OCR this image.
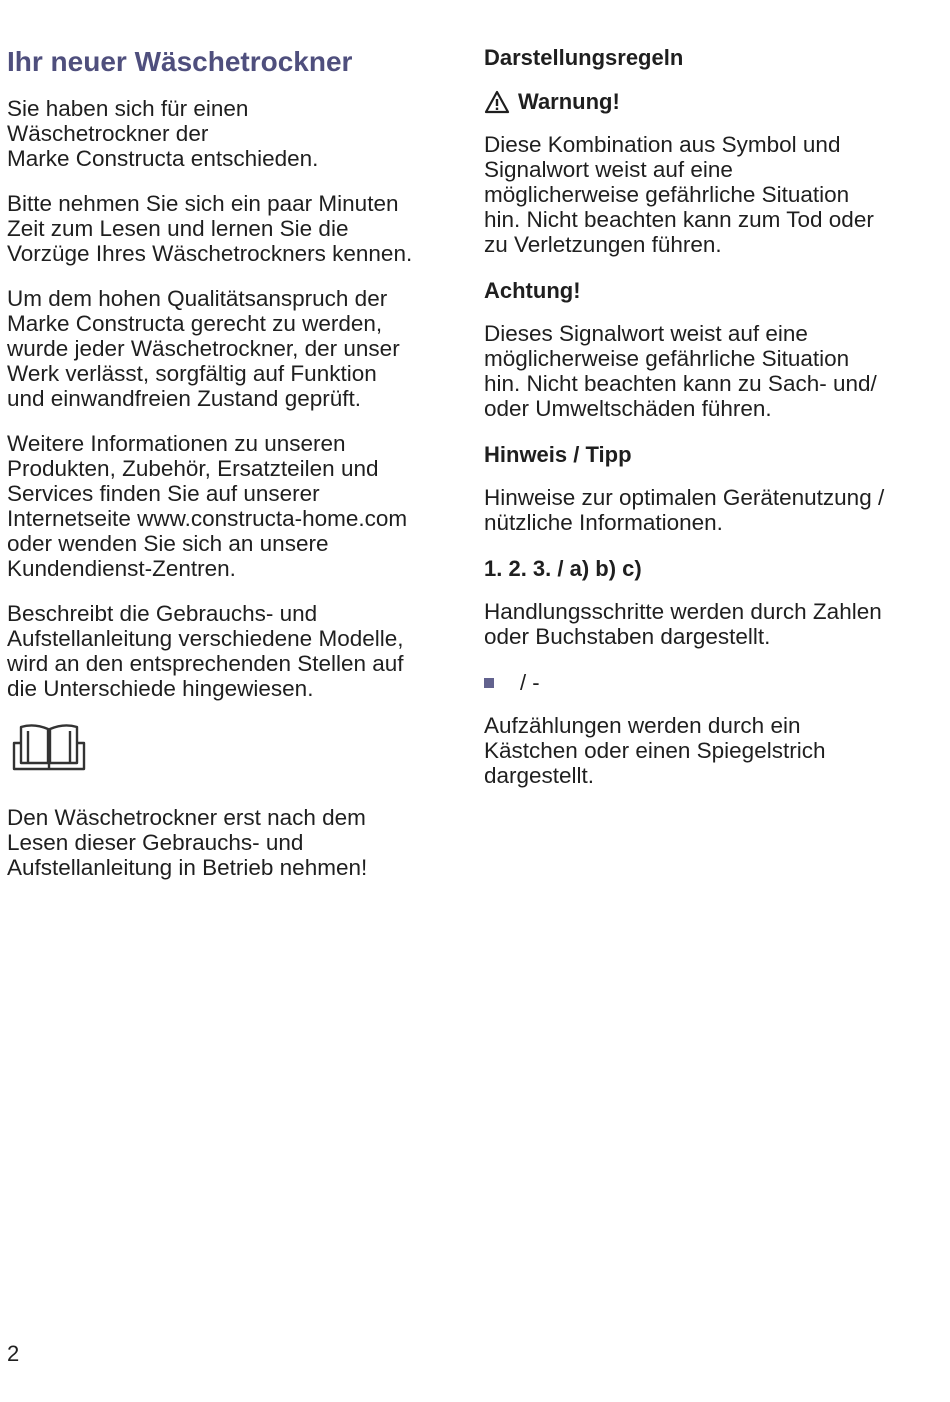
Ihr neuer Wäschetrockner

Sie haben sich für einen
Wäschetrockner der
Marke Constructa entschieden.

Bitte nehmen Sie sich ein paar Minuten
Zeit zum Lesen und lernen Sie die
Vorzüge Ihres Wäschetrockners kennen.

Um dem hohen Qualitätsanspruch der
Marke Constructa gerecht zu werden,
wurde jeder Wäschetrockner, der unser
Werk verlässt, sorgfältig auf Funktion
und einwandfreien Zustand geprüft.

Weitere Informationen zu unseren
Produkten, Zubehör, Ersatzteilen und
Services finden Sie auf unserer
Internetseite www.constructa-home.com
oder wenden Sie sich an unsere
Kundendienst-Zentren.

Beschreibt die Gebrauchs- und
Aufstellanleitung verschiedene Modelle,
wird an den entsprechenden Stellen auf
die Unterschiede hingewiesen.

Den Wäschetrockner erst nach dem
Lesen dieser Gebrauchs- und
Aufstellanleitung in Betrieb nehmen!

Darstellungsregeln
Warnung!

Diese Kombination aus Symbol und
Signalwort weist auf eine
möglicherweise gefährliche Situation
hin. Nicht beachten kann zum Tod oder
zu Verletzungen führen.

Achtung!

Dieses Signalwort weist auf eine
möglicherweise gefährliche Situation
hin. Nicht beachten kann zu Sach- und/
oder Umweltschäden führen.

Hinweis / Tipp

Hinweise zur optimalen Gerätenutzung /
nützliche Informationen.

1. 2. 3. / a) b) c)

Handlungsschritte werden durch Zahlen
oder Buchstaben dargestellt.

/ -

Aufzählungen werden durch ein
Kästchen oder einen Spiegelstrich
dargestellt.

2
